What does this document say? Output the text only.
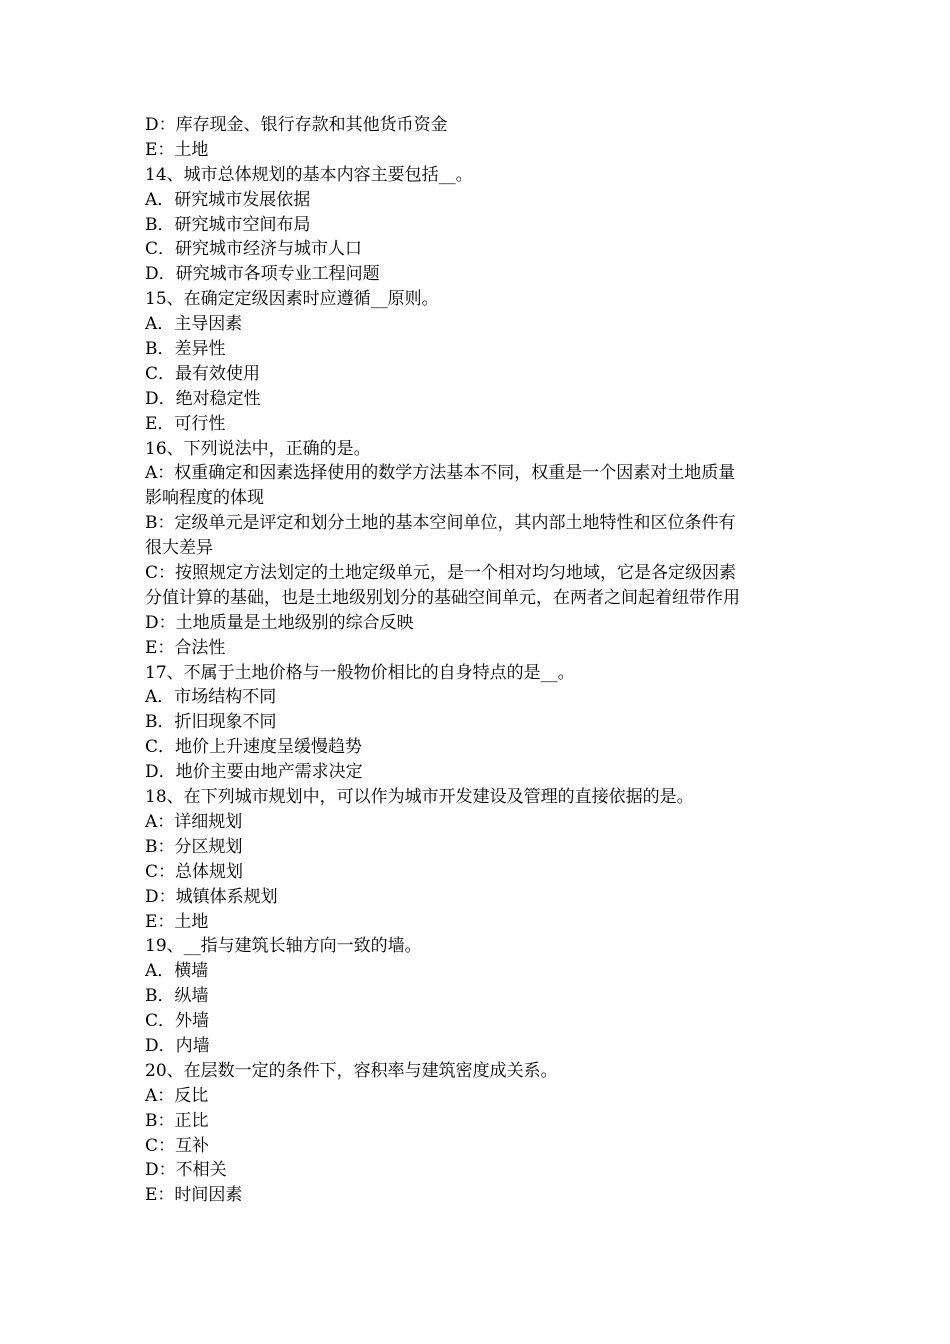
D：库存现金、银行存款和其他货币资金
E：土地
14、城市总体规划的基本内容主要包括__。
A．研究城市发展依据
B．研究城市空间布局
C．研究城市经济与城市人口
D．研究城市各项专业工程问题
15、在确定定级因素时应遵循__原则。
A．主导因素
B．差异性
C．最有效使用
D．绝对稳定性
E．可行性
16、下列说法中，正确的是。
A：权重确定和因素选择使用的数学方法基本不同，权重是一个因素对土地质量
影响程度的体现
B：定级单元是评定和划分土地的基本空间单位，其内部土地特性和区位条件有
很大差异
C：按照规定方法划定的土地定级单元，是一个相对均匀地域，它是各定级因素
分值计算的基础，也是土地级别划分的基础空间单元，在两者之间起着纽带作用
D：土地质量是土地级别的综合反映
E：合法性
17、不属于土地价格与一般物价相比的自身特点的是__。
A．市场结构不同
B．折旧现象不同
C．地价上升速度呈缓慢趋势
D．地价主要由地产需求决定
18、在下列城市规划中，可以作为城市开发建设及管理的直接依据的是。
A：详细规划
B：分区规划
C：总体规划
D：城镇体系规划
E：土地
19、__指与建筑长轴方向一致的墙。
A．横墙
B．纵墙
C．外墙
D．内墙
20、在层数一定的条件下，容积率与建筑密度成关系。
A：反比
B：正比
C：互补
D：不相关
E：时间因素
